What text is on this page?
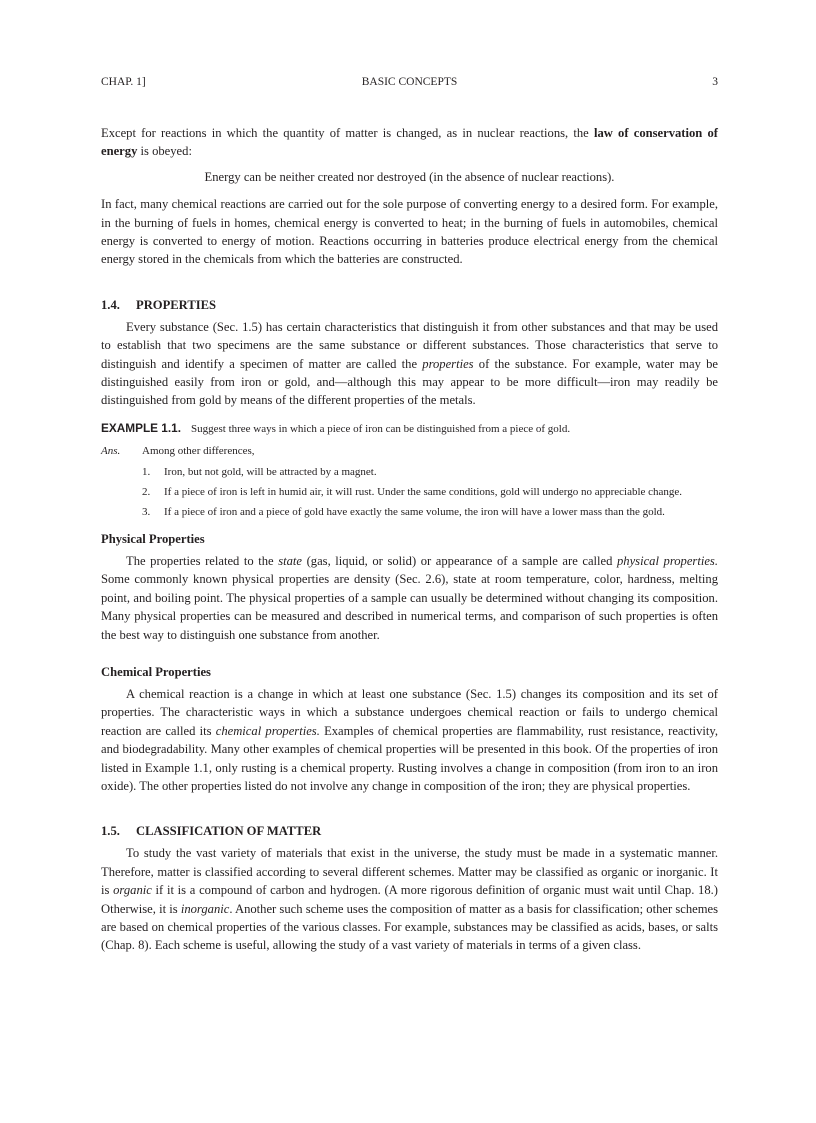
CHAP. 1]	BASIC CONCEPTS	3

Except for reactions in which the quantity of matter is changed, as in nuclear reactions, the law of conservation of energy is obeyed:

Energy can be neither created nor destroyed (in the absence of nuclear reactions).

In fact, many chemical reactions are carried out for the sole purpose of converting energy to a desired form. For example, in the burning of fuels in homes, chemical energy is converted to heat; in the burning of fuels in automobiles, chemical energy is converted to energy of motion. Reactions occurring in batteries produce electrical energy from the chemical energy stored in the chemicals from which the batteries are constructed.

1.4. PROPERTIES

Every substance (Sec. 1.5) has certain characteristics that distinguish it from other substances and that may be used to establish that two specimens are the same substance or different substances. Those characteristics that serve to distinguish and identify a specimen of matter are called the properties of the substance. For example, water may be distinguished easily from iron or gold, and—although this may appear to be more difficult—iron may readily be distinguished from gold by means of the different properties of the metals.

EXAMPLE 1.1. Suggest three ways in which a piece of iron can be distinguished from a piece of gold.
Ans. Among other differences,
1. Iron, but not gold, will be attracted by a magnet.
2. If a piece of iron is left in humid air, it will rust. Under the same conditions, gold will undergo no appreciable change.
3. If a piece of iron and a piece of gold have exactly the same volume, the iron will have a lower mass than the gold.
Physical Properties

The properties related to the state (gas, liquid, or solid) or appearance of a sample are called physical properties. Some commonly known physical properties are density (Sec. 2.6), state at room temperature, color, hardness, melting point, and boiling point. The physical properties of a sample can usually be determined without changing its composition. Many physical properties can be measured and described in numerical terms, and comparison of such properties is often the best way to distinguish one substance from another.

Chemical Properties

A chemical reaction is a change in which at least one substance (Sec. 1.5) changes its composition and its set of properties. The characteristic ways in which a substance undergoes chemical reaction or fails to undergo chemical reaction are called its chemical properties. Examples of chemical properties are flammability, rust resistance, reactivity, and biodegradability. Many other examples of chemical properties will be presented in this book. Of the properties of iron listed in Example 1.1, only rusting is a chemical property. Rusting involves a change in composition (from iron to an iron oxide). The other properties listed do not involve any change in composition of the iron; they are physical properties.

1.5. CLASSIFICATION OF MATTER

To study the vast variety of materials that exist in the universe, the study must be made in a systematic manner. Therefore, matter is classified according to several different schemes. Matter may be classified as organic or inorganic. It is organic if it is a compound of carbon and hydrogen. (A more rigorous definition of organic must wait until Chap. 18.) Otherwise, it is inorganic. Another such scheme uses the composition of matter as a basis for classification; other schemes are based on chemical properties of the various classes. For example, substances may be classified as acids, bases, or salts (Chap. 8). Each scheme is useful, allowing the study of a vast variety of materials in terms of a given class.
